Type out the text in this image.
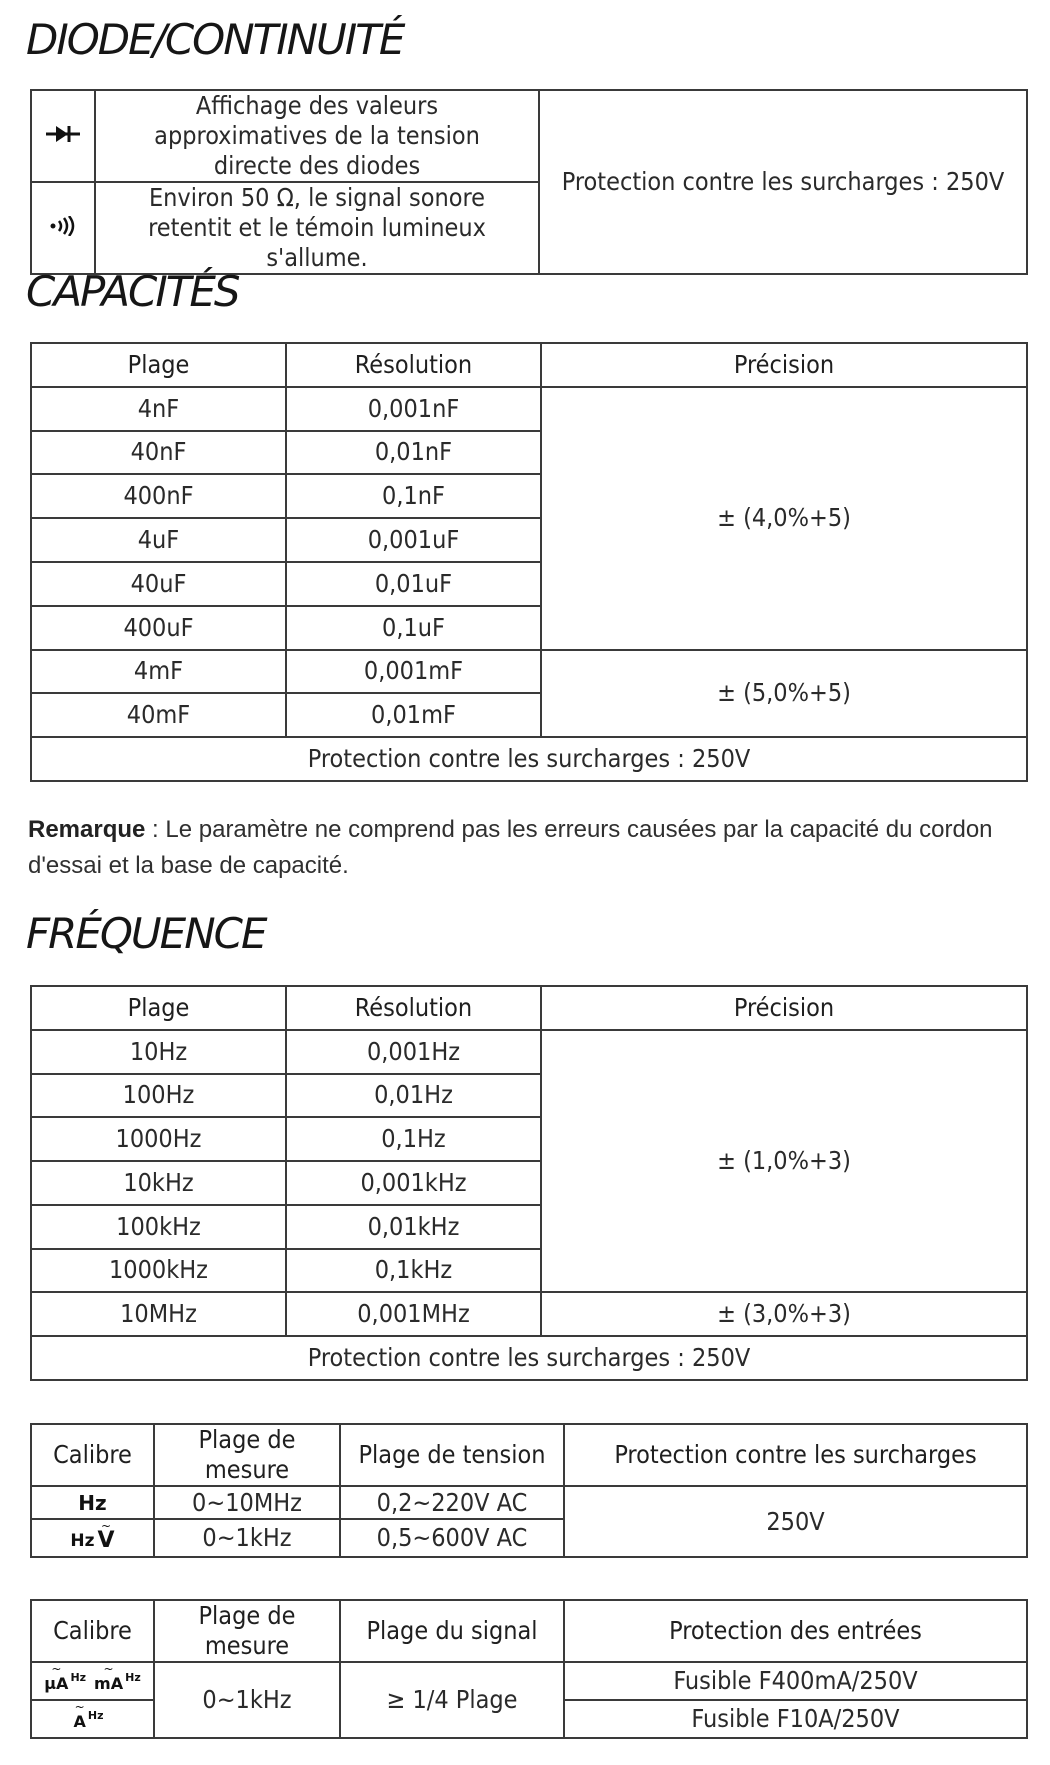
DIODE/CONTINUITÉ
	Affichage des valeurs approximatives de la tension directe des diodes	Protection contre les surcharges : 250V
	Environ 50 Ω, le signal sonore retentit et le témoin lumineux s'allume.	
CAPACITÉS
Plage	Résolution	Précision
4nF	0,001nF	± (4,0%+5)
40nF	0,01nF	
400nF	0,1nF	
4uF	0,001uF	
40uF	0,01uF	
400uF	0,1uF	
4mF	0,001mF	± (5,0%+5)
40mF	0,01mF	
Protection contre les surcharges : 250V		

Remarque : Le paramètre ne comprend pas les erreurs causées par la capacité du cordon d'essai et la base de capacité.

FRÉQUENCE
Plage	Résolution	Précision
10Hz	0,001Hz	± (1,0%+3)
100Hz	0,01Hz	
1000Hz	0,1Hz	
10kHz	0,001kHz	
100kHz	0,01kHz	
1000kHz	0,1kHz	
10MHz	0,001MHz	± (3,0%+3)
Protection contre les surcharges : 250V		
Calibre	Plage de mesure	Plage de tension	Protection contre les surcharges
Hz	0~10MHz	0,2~220V AC	250V

Hz ~ V	0~1kHz	0,5~600V AC	
Calibre	Plage de mesure	Plage du signal	Protection des entrées

~ μA Hz ~ mA Hz	0~1kHz	≥ 1/4 Plage	Fusible F400mA/250V

~ A Hz			Fusible F10A/250V
